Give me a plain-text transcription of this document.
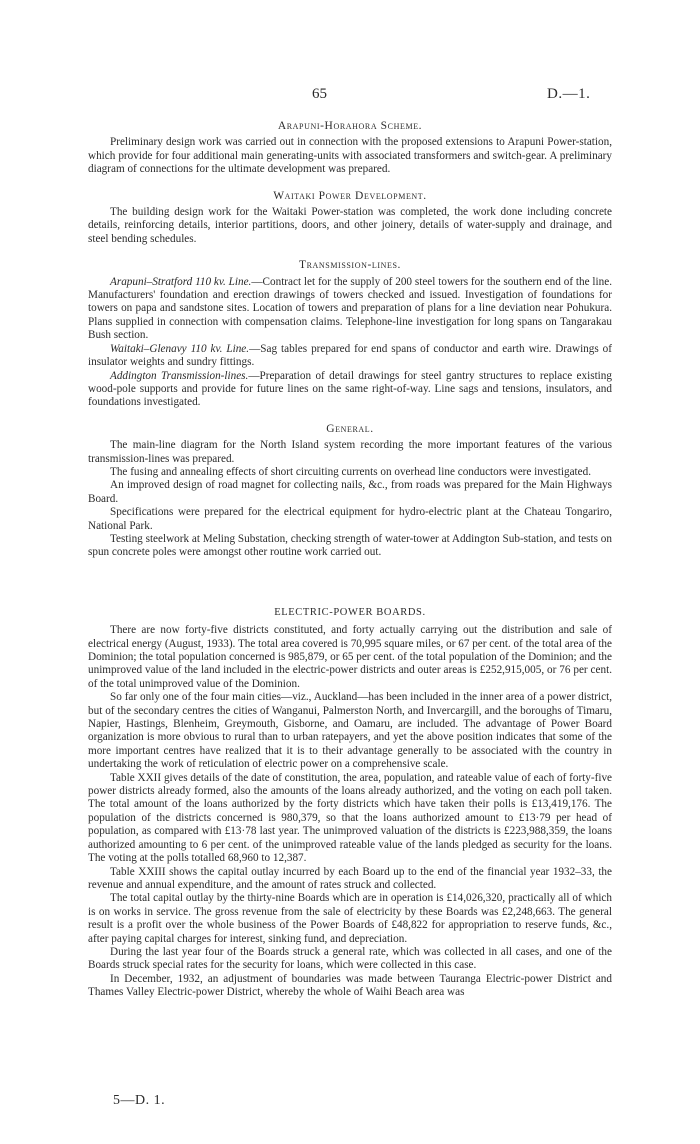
65	D.—1.
Arapuni-Horahora Scheme.

Preliminary design work was carried out in connection with the proposed extensions to Arapuni Power-station, which provide for four additional main generating-units with associated transformers and switch-gear. A preliminary diagram of connections for the ultimate development was prepared.

Waitaki Power Development.

The building design work for the Waitaki Power-station was completed, the work done including concrete details, reinforcing details, interior partitions, doors, and other joinery, details of water-supply and drainage, and steel bending schedules.

Transmission-lines.

Arapuni–Stratford 110 kv. Line.—Contract let for the supply of 200 steel towers for the southern end of the line. Manufacturers' foundation and erection drawings of towers checked and issued. Investigation of foundations for towers on papa and sandstone sites. Location of towers and preparation of plans for a line deviation near Pohukura. Plans supplied in connection with compensation claims. Telephone-line investigation for long spans on Tangarakau Bush section.

Waitaki–Glenavy 110 kv. Line.—Sag tables prepared for end spans of conductor and earth wire. Drawings of insulator weights and sundry fittings.

Addington Transmission-lines.—Preparation of detail drawings for steel gantry structures to replace existing wood-pole supports and provide for future lines on the same right-of-way. Line sags and tensions, insulators, and foundations investigated.

General.

The main-line diagram for the North Island system recording the more important features of the various transmission-lines was prepared.

The fusing and annealing effects of short circuiting currents on overhead line conductors were investigated.

An improved design of road magnet for collecting nails, &c., from roads was prepared for the Main Highways Board.

Specifications were prepared for the electrical equipment for hydro-electric plant at the Chateau Tongariro, National Park.

Testing steelwork at Meling Substation, checking strength of water-tower at Addington Sub-station, and tests on spun concrete poles were amongst other routine work carried out.

ELECTRIC-POWER BOARDS.

There are now forty-five districts constituted, and forty actually carrying out the distribution and sale of electrical energy (August, 1933). The total area covered is 70,995 square miles, or 67 per cent. of the total area of the Dominion; the total population concerned is 985,879, or 65 per cent. of the total population of the Dominion; and the unimproved value of the land included in the electric-power districts and outer areas is £252,915,005, or 76 per cent. of the total unimproved value of the Dominion.

So far only one of the four main cities—viz., Auckland—has been included in the inner area of a power district, but of the secondary centres the cities of Wanganui, Palmerston North, and Invercargill, and the boroughs of Timaru, Napier, Hastings, Blenheim, Greymouth, Gisborne, and Oamaru, are included. The advantage of Power Board organization is more obvious to rural than to urban ratepayers, and yet the above position indicates that some of the more important centres have realized that it is to their advantage generally to be associated with the country in undertaking the work of reticulation of electric power on a comprehensive scale.

Table XXII gives details of the date of constitution, the area, population, and rateable value of each of forty-five power districts already formed, also the amounts of the loans already authorized, and the voting on each poll taken. The total amount of the loans authorized by the forty districts which have taken their polls is £13,419,176. The population of the districts concerned is 980,379, so that the loans authorized amount to £13·79 per head of population, as compared with £13·78 last year. The unimproved valuation of the districts is £223,988,359, the loans authorized amounting to 6 per cent. of the unimproved rateable value of the lands pledged as security for the loans. The voting at the polls totalled 68,960 to 12,387.

Table XXIII shows the capital outlay incurred by each Board up to the end of the financial year 1932–33, the revenue and annual expenditure, and the amount of rates struck and collected.

The total capital outlay by the thirty-nine Boards which are in operation is £14,026,320, practically all of which is on works in service. The gross revenue from the sale of electricity by these Boards was £2,248,663. The general result is a profit over the whole business of the Power Boards of £48,822 for appropriation to reserve funds, &c., after paying capital charges for interest, sinking fund, and depreciation.

During the last year four of the Boards struck a general rate, which was collected in all cases, and one of the Boards struck special rates for the security for loans, which were collected in this case.

In December, 1932, an adjustment of boundaries was made between Tauranga Electric-power District and Thames Valley Electric-power District, whereby the whole of Waihi Beach area was

5—D. 1.
